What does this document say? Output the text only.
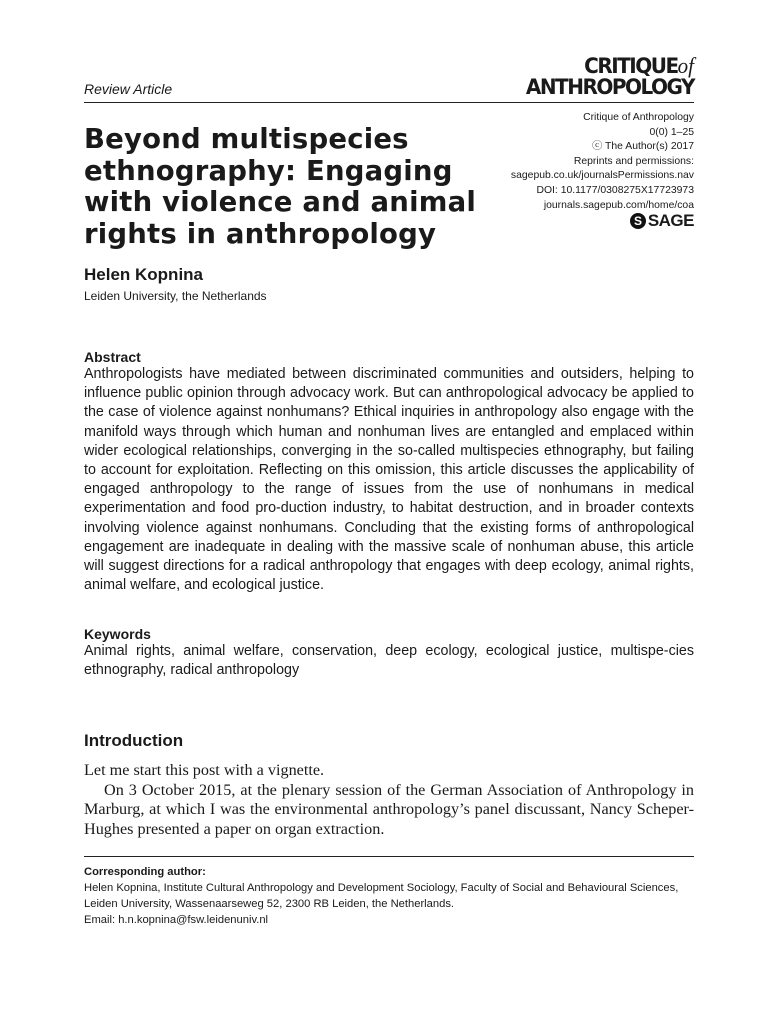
Review Article
CRITIQUEof
ANTHROPOLOGY
Critique of Anthropology
0(0) 1–25
ⓒ The Author(s) 2017
Reprints and permissions:
sagepub.co.uk/journalsPermissions.nav
DOI: 10.1177/0308275X17723973
journals.sagepub.com/home/coa
S SAGE
Beyond multispecies ethnography: Engaging with violence and animal rights in anthropology
Helen Kopnina
Leiden University, the Netherlands
Abstract

Anthropologists have mediated between discriminated communities and outsiders, helping to influence public opinion through advocacy work. But can anthropological advocacy be applied to the case of violence against nonhumans? Ethical inquiries in anthropology also engage with the manifold ways through which human and nonhuman lives are entangled and emplaced within wider ecological relationships, converging in the so-called multispecies ethnography, but failing to account for exploitation. Reflecting on this omission, this article discusses the applicability of engaged anthropology to the range of issues from the use of nonhumans in medical experimentation and food pro-duction industry, to habitat destruction, and in broader contexts involving violence against nonhumans. Concluding that the existing forms of anthropological engagement are inadequate in dealing with the massive scale of nonhuman abuse, this article will suggest directions for a radical anthropology that engages with deep ecology, animal rights, animal welfare, and ecological justice.

Keywords

Animal rights, animal welfare, conservation, deep ecology, ecological justice, multispe-cies ethnography, radical anthropology

Introduction

Let me start this post with a vignette.

On 3 October 2015, at the plenary session of the German Association of Anthropology in Marburg, at which I was the environmental anthropology’s panel discussant, Nancy Scheper-Hughes presented a paper on organ extraction.

Corresponding author:
Helen Kopnina, Institute Cultural Anthropology and Development Sociology, Faculty of Social and Behavioural Sciences, Leiden University, Wassenaarseweg 52, 2300 RB Leiden, the Netherlands.
Email: h.n.kopnina@fsw.leidenuniv.nl
